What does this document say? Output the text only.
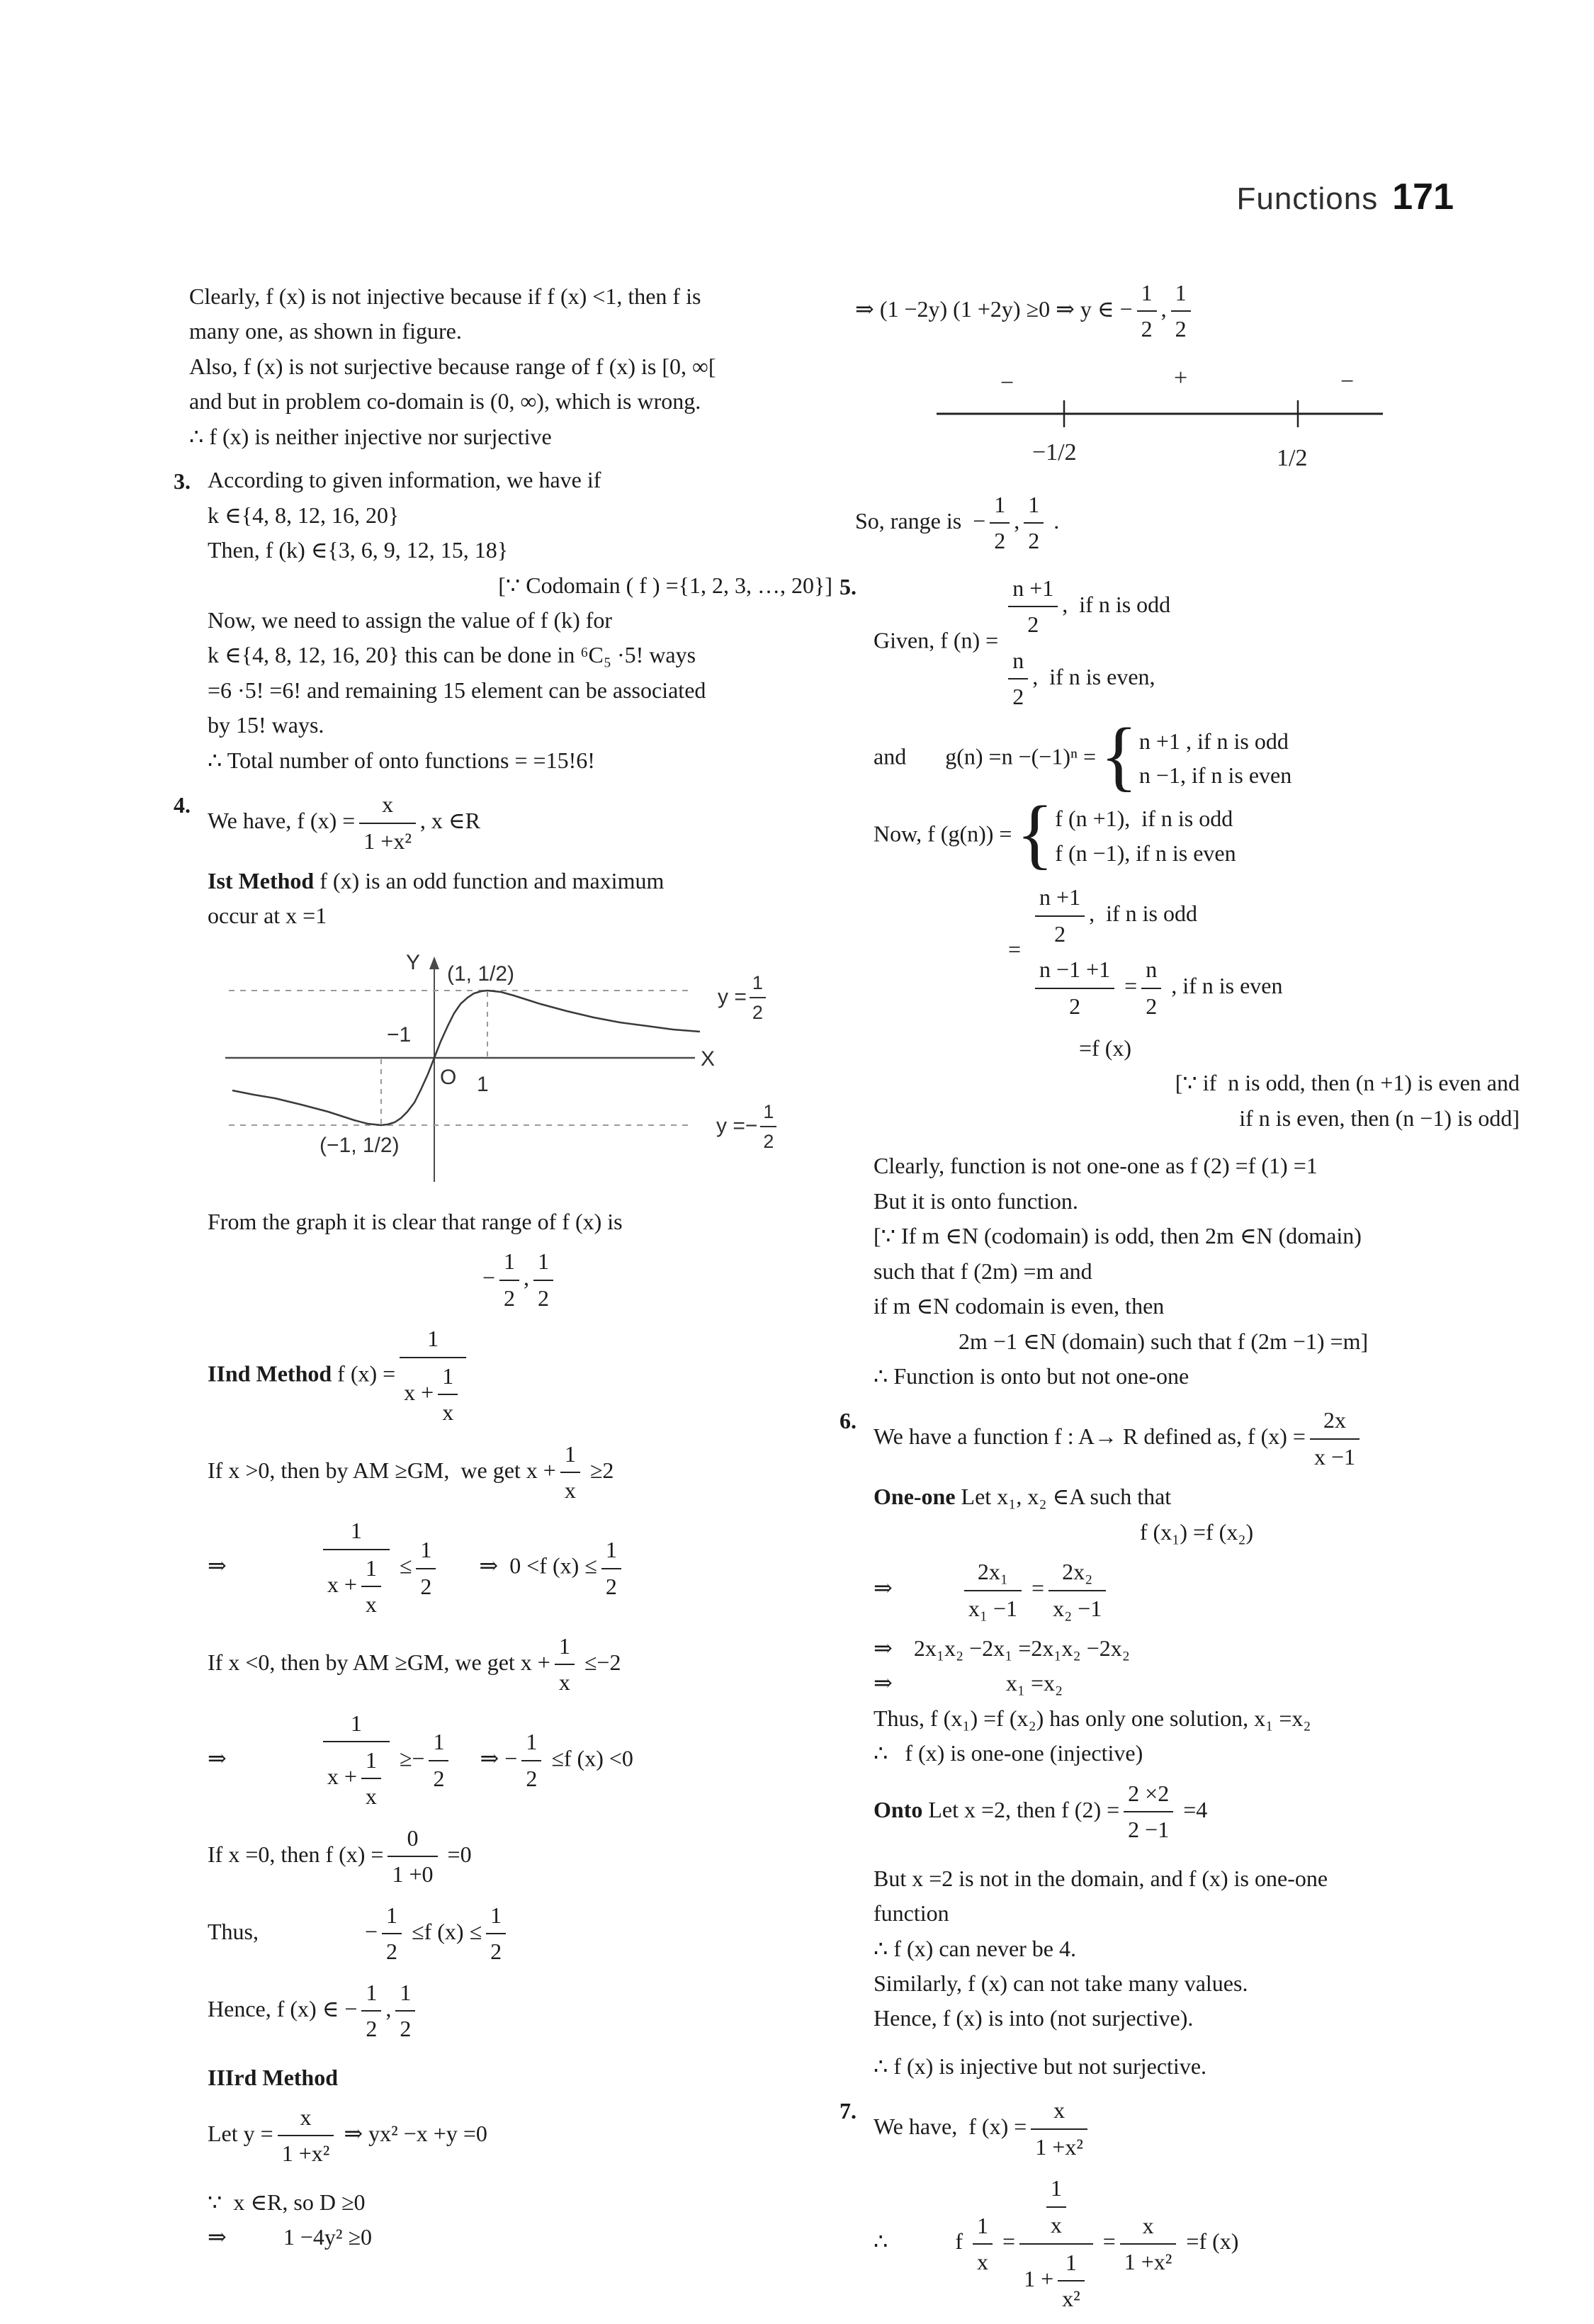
Functions 171
Clearly, f (x) is not injective because if f (x) <1, then f is
many one, as shown in figure.
Also, f (x) is not surjective because range of f (x) is [0, ∞[
and but in problem co-domain is (0, ∞), which is wrong.
∴ f (x) is neither injective nor surjective
3. According to given information, we have if
k ∈{4, 8, 12, 16, 20}
Then, f (k) ∈{3, 6, 9, 12, 15, 18}
[∵ Codomain ( f ) ={1, 2, 3, …, 20}]
Now, we need to assign the value of f (k) for
k ∈{4, 8, 12, 16, 20} this can be done in ⁶C₅ ·5! ways
=6 ·5! =6! and remaining 15 element can be associated
by 15! ways.
∴ Total number of onto functions = =15!6!
4.
We have, f $(x) = \frac{x}{\text{1 +x²}}$ , x ∈R
Ist Method f (x) is an odd function and maximum
occur at x =1
Y (1, 1/2)
$y = \frac{1}{2}$
−1
X
O 1
(−1, 1/2)
$y =- \frac{1}{2}$
From the graph it is clear that range of f (x) is
− $\frac{1}{2}$ , $\frac{1}{2}$
IInd Method f $(x) = \frac{1}{x + \frac{1}{x}}$
If x >0, then by AM ≥GM,  we get $x + \frac{1}{x} \ge 2$
⇒	$\frac{1}{x + \frac{1}{x}} \le \frac{1}{2}$ ⇒  0 <f $(x) \le \frac{1}{2}$
If x <0, then by AM ≥GM, we get $x + \frac{1}{x} \le-2$
⇒	$\frac{1}{x + \frac{1}{x}} \ge- \frac{1}{2}$ ⇒ − $\frac{1}{2} \le f$ (x) <0
If x =0, then f $(x) = \frac{0}{1 +0} =0$
Thus,	− $\frac{1}{2} \le f$ $(x) \le \frac{1}{2}$
Hence, f (x) ∈ − $\frac{1}{2}$ , $\frac{1}{2}$
IIIrd Method
Let $y = \frac{x}{\text{1 +x²}}$ ⇒ yx² −x +y =0
∵  x ∈R, so D ≥0
⇒	1 −4y² ≥0
⇒ (1 −2y) (1 +2y) ≥0 ⇒ y ∈ − $\frac{1}{2}$ , $\frac{1}{2}$
−	+	−
−1/2	1/2
So, range is  − $\frac{1}{2}$ , $\frac{1}{2}$ .
5.
Given, f $(n) = \frac{n +1}{2}$ ,  if n is odd
$\frac{n}{2}$ ,  if n is even,
and g(n) =n −(−1)ⁿ ={ n +1 , if n is odd
n −1, if n is even
Now, f (g(n)) ={ f (n +1),  if n is odd
f (n −1), if n is even
= $\frac{n +1}{2}$ ,  if n is odd
$\frac{n -1 +1}{2} = \frac{n}{2}$ , if n is even
=f (x)
[∵ if  n is odd, then (n +1) is even and
if n is even, then (n −1) is odd]
Clearly, function is not one-one as f (2) =f (1) =1
But it is onto function.
[∵ If m ∈N (codomain) is odd, then 2m ∈N (domain)
such that f (2m) =m and
if m ∈N codomain is even, then
2m −1 ∈N (domain) such that f (2m −1) =m]
∴ Function is onto but not one-one
6.
We have a function f : A→ R defined as, f $(x) = \frac{2x}{x -1}$
One-one Let x₁, x₂ ∈A such that
f (x₁) =f (x₂)
⇒	$\frac{\text{2x₁}}{\text{x₁ −1}} = \frac{\text{2x₂}}{\text{x₂ −1}}$
⇒ 2x₁x₂ −2x₁ =2x₁x₂ −2x₂
⇒	x₁ =x₂
Thus, f (x₁) =f (x₂) has only one solution, x₁ =x₂
∴   f (x) is one-one (injective)
Onto Let x =2, then f $(2) = \frac{2 \times 2}{2 -1} =4$
But x =2 is not in the domain, and f (x) is one-one
function
∴ f (x) can never be 4.
Similarly, f (x) can not take many values.
Hence, f (x) is into (not surjective).
∴ f (x) is injective but not surjective.
7.
We have,  f $(x) = \frac{x}{\text{1 +x²}}$
∴	f $\frac{1}{x} = \frac{\frac{1}{x}}{1 + \frac{1}{\text{x²}}} = \frac{x}{\text{1 +x²}} =f$ (x)
